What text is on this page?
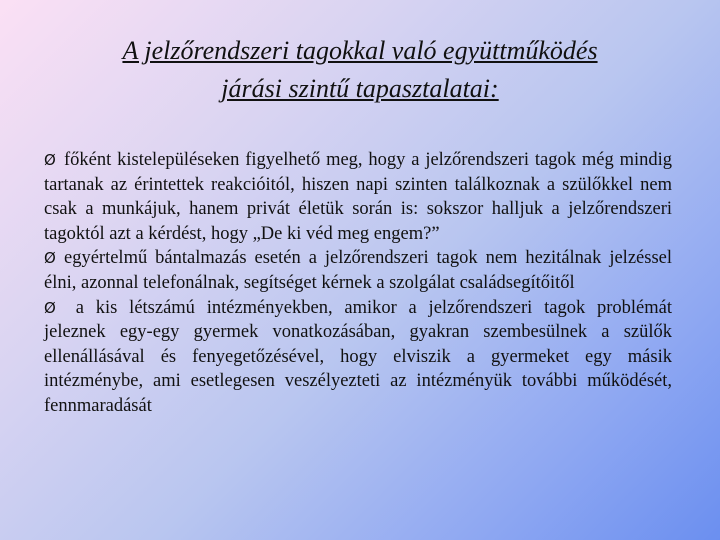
A jelzőrendszeri tagokkal való együttműködés
járási szintű tapasztalatai:

Ø főként kistelepüléseken figyelhető meg, hogy a jelzőrendszeri tagok még mindig tartanak az érintettek reakcióitól, hiszen napi szinten találkoznak a szülőkkel nem csak a munkájuk, hanem privát életük során is: sokszor halljuk a jelzőrendszeri tagoktól azt a kérdést, hogy „De ki véd meg engem?”

Ø egyértelmű bántalmazás esetén a jelzőrendszeri tagok nem hezitálnak jelzéssel élni, azonnal telefonálnak, segítséget kérnek a szolgálat családsegítőitől

Ø a kis létszámú intézményekben, amikor a jelzőrendszeri tagok problémát jeleznek egy-egy gyermek vonatkozásában, gyakran szembesülnek a szülők ellenállásával és fenyegetőzésével, hogy elviszik a gyermeket egy másik intézménybe, ami esetlegesen veszélyezteti az intézményük további működését, fennmaradását
